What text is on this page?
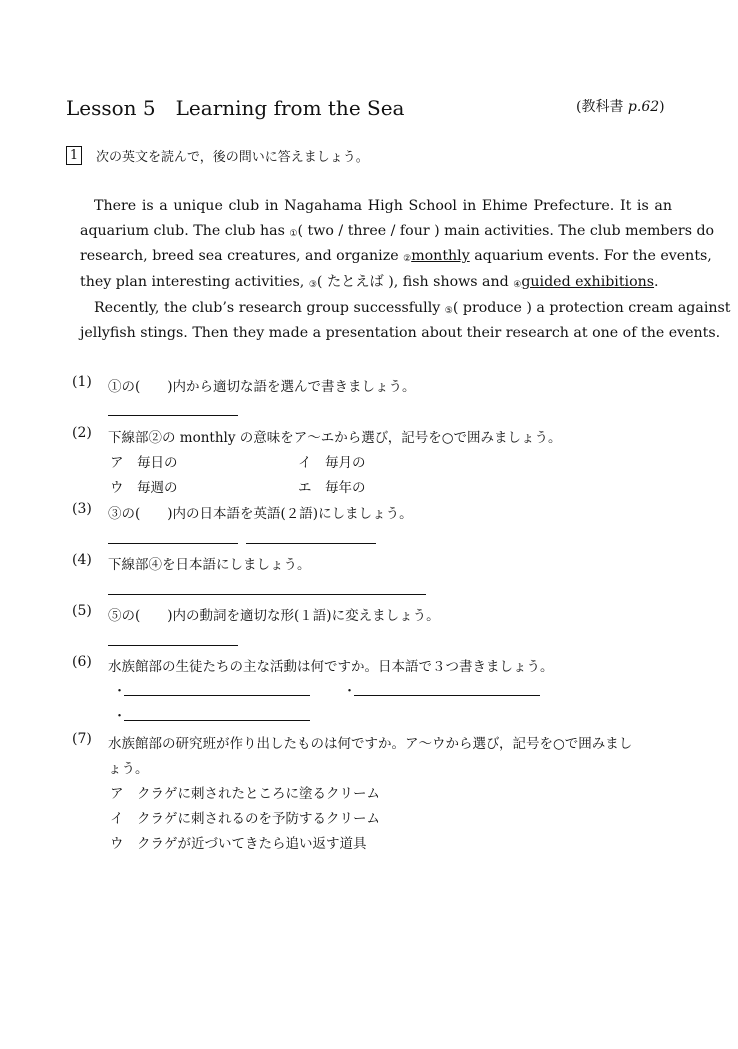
Lesson 5　Learning from the Sea	(教科書 p.62)
1 次の英文を読んで，後の問いに答えましょう。
There is a unique club in Nagahama High School in Ehime Prefecture. It is an
aquarium club. The club has ①( two / three / four ) main activities. The club members do
research, breed sea creatures, and organize ②monthly aquarium events. For the events,
they plan interesting activities, ③( たとえば ), fish shows and ④guided exhibitions.
Recently, the club’s research group successfully ⑤( produce ) a protection cream against
jellyfish stings. Then they made a presentation about their research at one of the events.
(1) ①の(　　)内から適切な語を選んで書きましょう。
(2) 下線部②の monthly の意味をア～エから選び，記号を○で囲みましょう。
ア　毎日の	イ　毎月の
ウ　毎週の	エ　毎年の
(3) ③の(　　)内の日本語を英語(２語)にしましょう。
(4) 下線部④を日本語にしましょう。
(5) ⑤の(　　)内の動詞を適切な形(１語)に変えましょう。
(6) 水族館部の生徒たちの主な活動は何ですか。日本語で３つ書きましょう。
・	・
・
(7) 水族館部の研究班が作り出したものは何ですか。ア～ウから選び，記号を○で囲みまし
ょう。
ア　クラゲに刺されたところに塗るクリーム
イ　クラゲに刺されるのを予防するクリーム
ウ　クラゲが近づいてきたら追い返す道具
